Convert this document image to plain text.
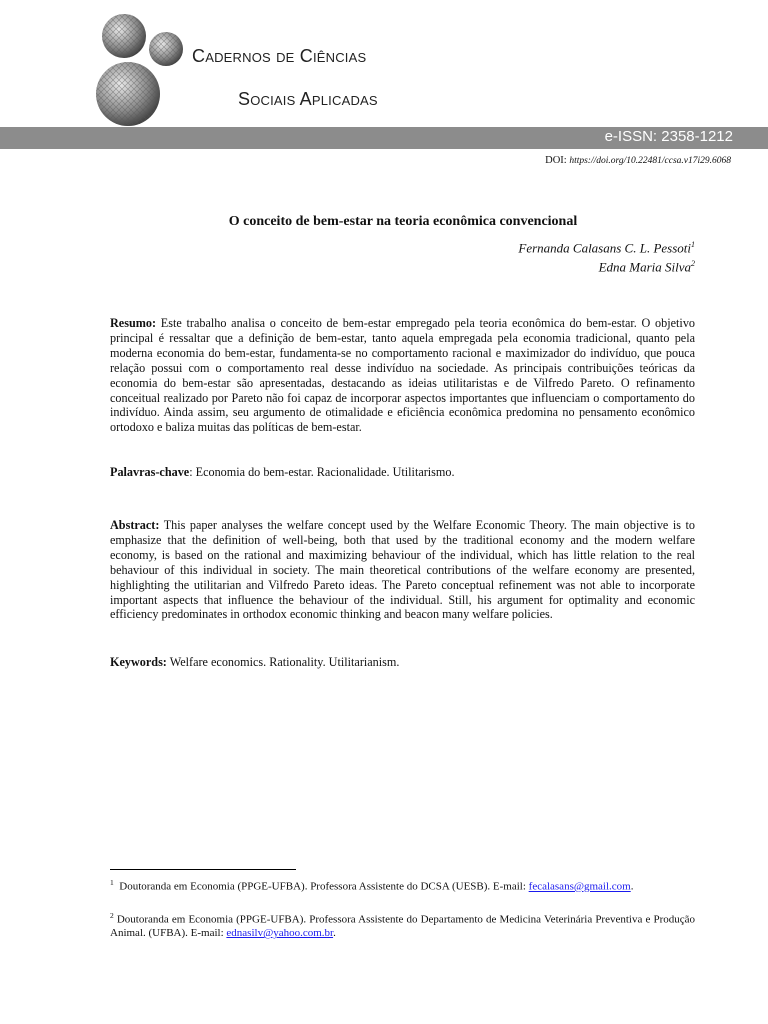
Cadernos de Ciências
Sociais Aplicadas
e-ISSN: 2358-1212
DOI: https://doi.org/10.22481/ccsa.v17i29.6068
O conceito de bem-estar na teoria econômica convencional
Fernanda Calasans C. L. Pessoti$^1$
Edna Maria Silva$^2$
Resumo: Este trabalho analisa o conceito de bem-estar empregado pela teoria econômica do bem-estar. O objetivo principal é ressaltar que a definição de bem-estar, tanto aquela empregada pela economia tradicional, quanto pela moderna economia do bem-estar, fundamenta-se no comportamento racional e maximizador do indivíduo, que pouca relação possui com o comportamento real desse indivíduo na sociedade. As principais contribuições teóricas da economia do bem-estar são apresentadas, destacando as ideias utilitaristas e de Vilfredo Pareto. O refinamento conceitual realizado por Pareto não foi capaz de incorporar aspectos importantes que influenciam o comportamento do indivíduo. Ainda assim, seu argumento de otimalidade e eficiência econômica predomina no pensamento econômico ortodoxo e baliza muitas das políticas de bem-estar.
Palavras-chave: Economia do bem-estar. Racionalidade. Utilitarismo.
Abstract: This paper analyses the welfare concept used by the Welfare Economic Theory. The main objective is to emphasize that the definition of well-being, both that used by the traditional economy and the modern welfare economy, is based on the rational and maximizing behaviour of the individual, which has little relation to the real behaviour of this individual in society. The main theoretical contributions of the welfare economy are presented, highlighting the utilitarian and Vilfredo Pareto ideas. The Pareto conceptual refinement was not able to incorporate important aspects that influence the behaviour of the individual. Still, his argument for optimality and economic efficiency predominates in orthodox economic thinking and beacon many welfare policies.
Keywords: Welfare economics. Rationality. Utilitarianism.
$^1$ Doutoranda em Economia (PPGE-UFBA). Professora Assistente do DCSA (UESB). E-mail: fecalasans@gmail.com.
$^2$ Doutoranda em Economia (PPGE-UFBA). Professora Assistente do Departamento de Medicina Veterinária Preventiva e Produção Animal. (UFBA). E-mail: ednasilv@yahoo.com.br.
